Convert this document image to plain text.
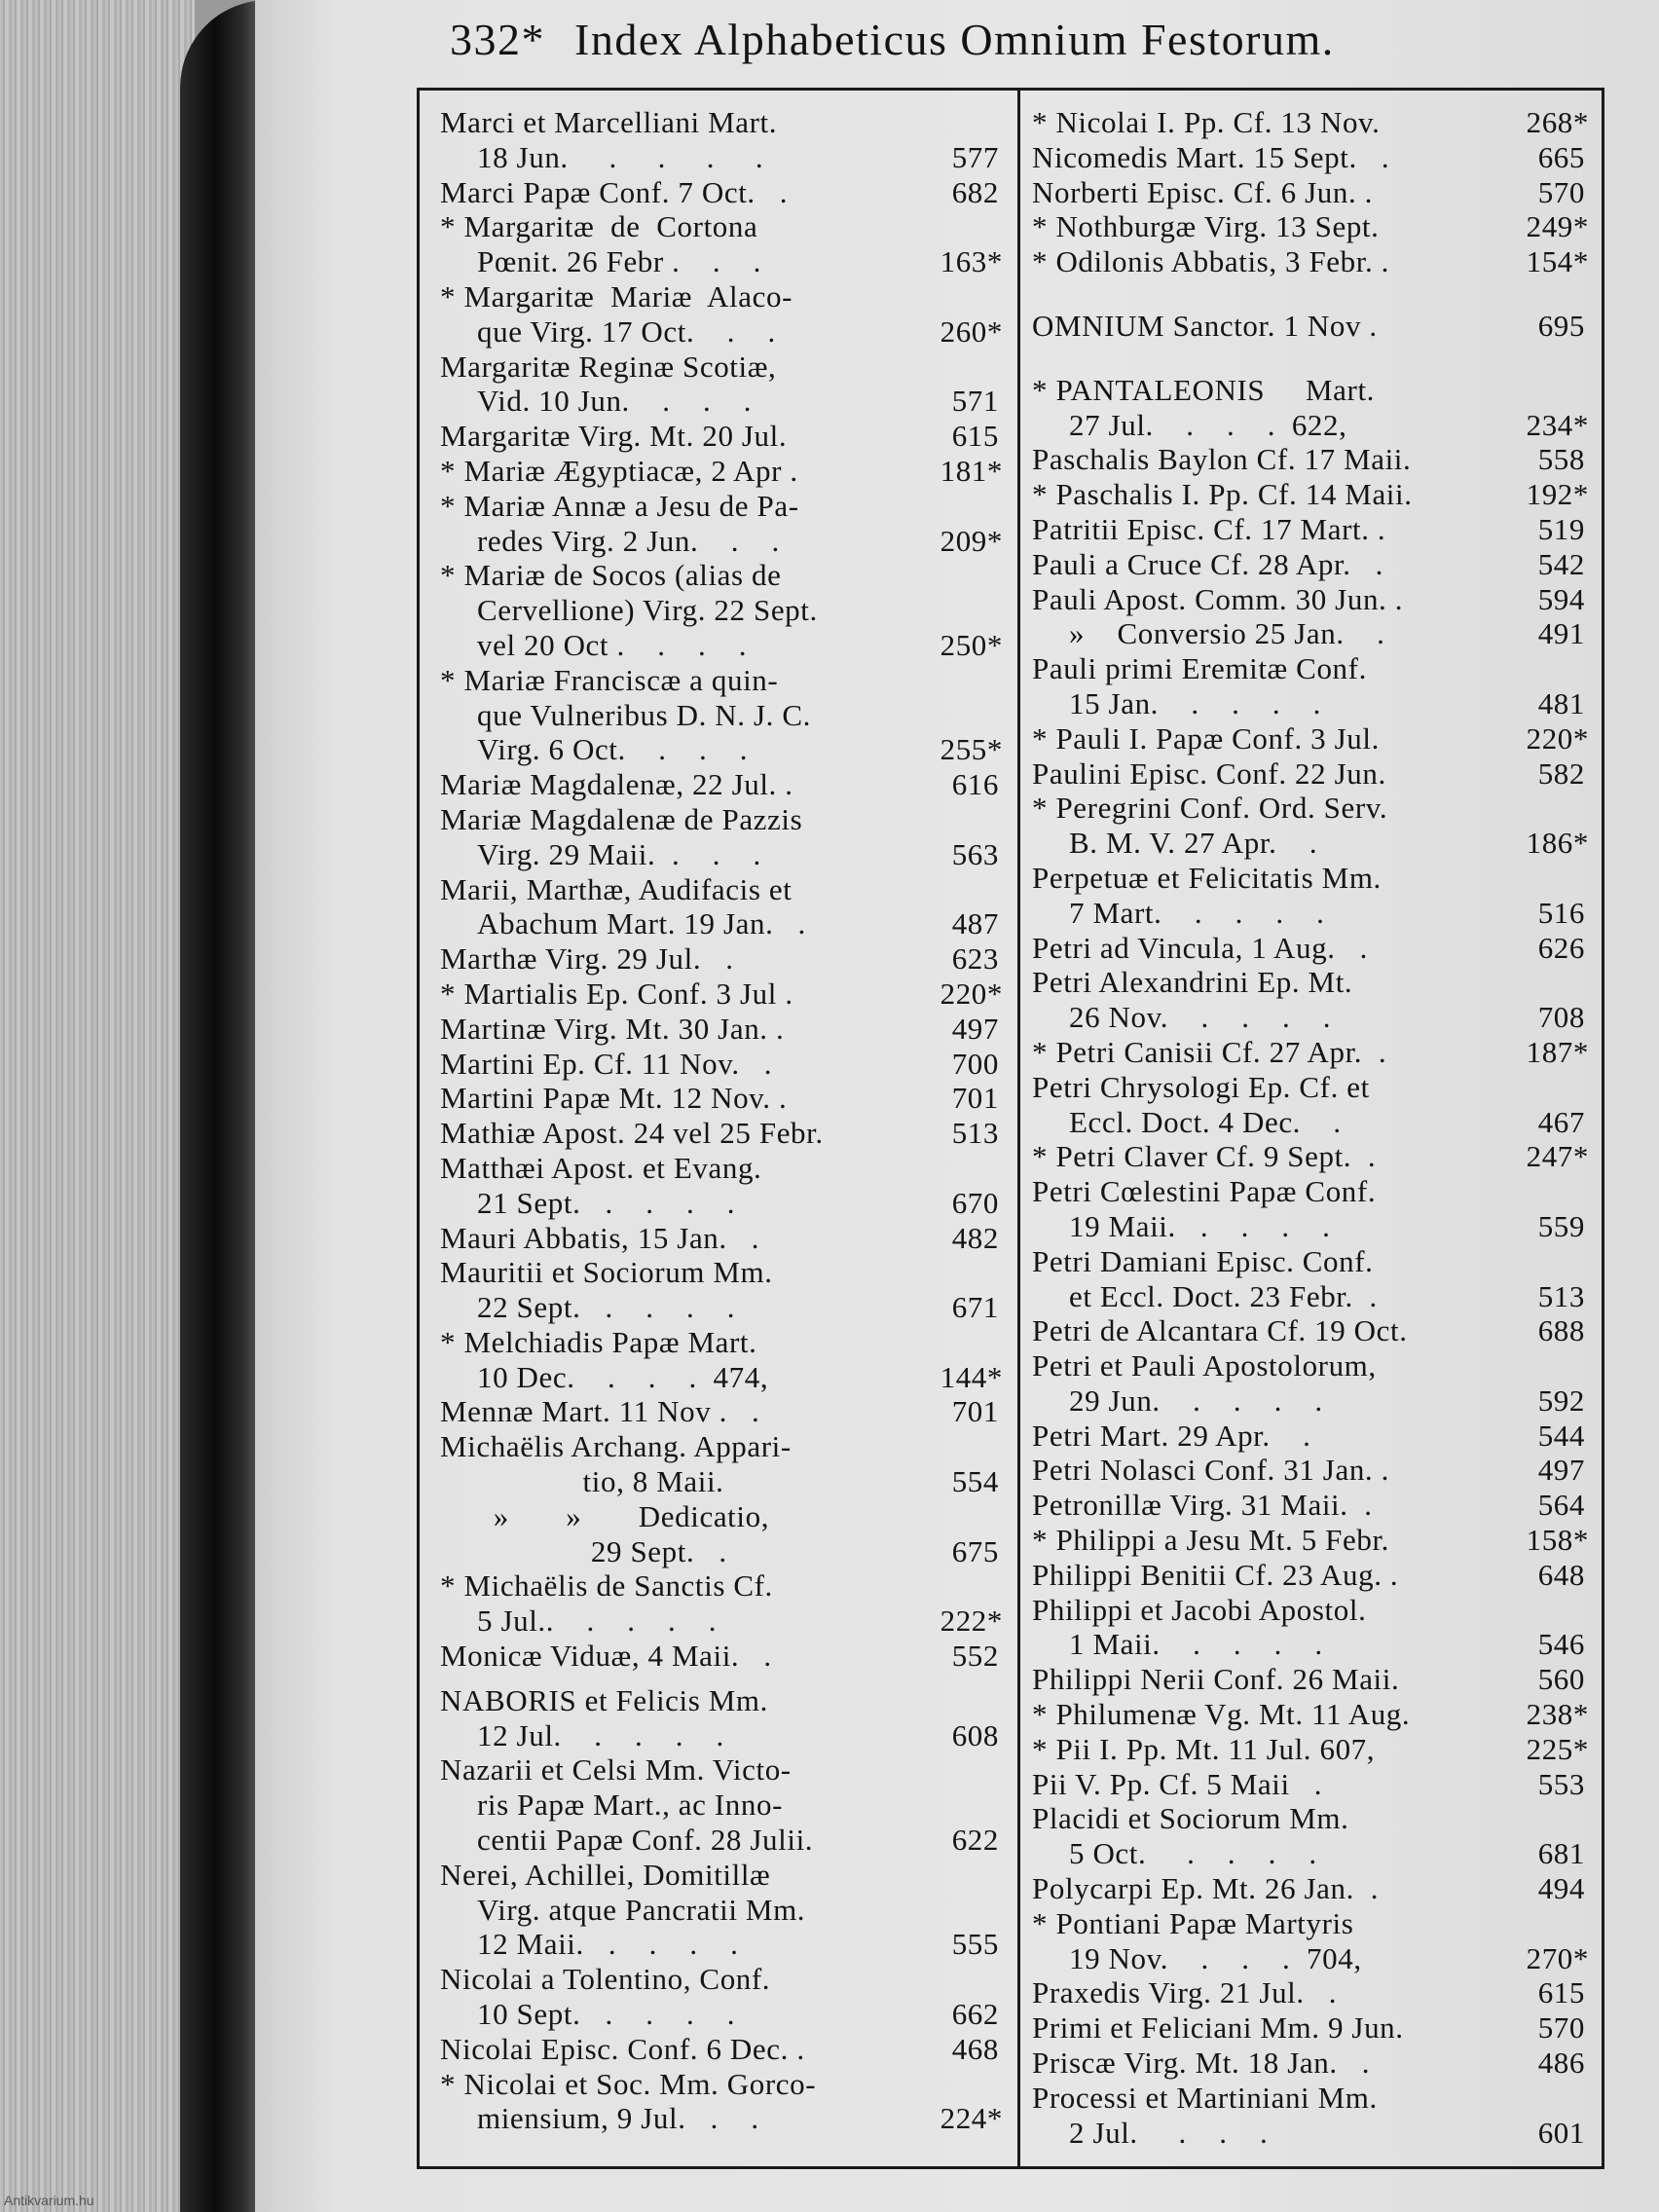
332* Index Alphabeticus Omnium Festorum.
Marci et Marcelliani Mart.
18 Jun.     .     .     .     .	577
Marci Papæ Conf. 7 Oct.   .	682
* Margaritæ  de  Cortona
Pœnit. 26 Febr .    .    .	163*
* Margaritæ  Mariæ  Alaco-
que Virg. 17 Oct.    .    .	260*
Margaritæ Reginæ Scotiæ,
Vid. 10 Jun.    .    .    .	571
Margaritæ Virg. Mt. 20 Jul.	615
* Mariæ Ægyptiacæ, 2 Apr .	181*
* Mariæ Annæ a Jesu de Pa-
redes Virg. 2 Jun.    .    .	209*
* Mariæ de Socos (alias de
Cervellione) Virg. 22 Sept.
vel 20 Oct .    .    .    .	250*
* Mariæ Franciscæ a quin-
que Vulneribus D. N. J. C.
Virg. 6 Oct.    .    .    .	255*
Mariæ Magdalenæ, 22 Jul. .	616
Mariæ Magdalenæ de Pazzis
Virg. 29 Maii.  .    .    .	563
Marii, Marthæ, Audifacis et
Abachum Mart. 19 Jan.   .	487
Marthæ Virg. 29 Jul.   .	623
* Martialis Ep. Conf. 3 Jul .	220*
Martinæ Virg. Mt. 30 Jan. .	497
Martini Ep. Cf. 11 Nov.   .	700
Martini Papæ Mt. 12 Nov. .	701
Mathiæ Apost. 24 vel 25 Febr.	513
Matthæi Apost. et Evang.
21 Sept.   .    .    .    .	670
Mauri Abbatis, 15 Jan.   .	482
Mauritii et Sociorum Mm.
22 Sept.   .    .    .    .	671
* Melchiadis Papæ Mart.
10 Dec.    .    .    .  474,	144*
Mennæ Mart. 11 Nov .   .	701
Michaëlis Archang. Appari-
tio, 8 Maii.	554
»       »       Dedicatio,
29 Sept.   .	675
* Michaëlis de Sanctis Cf.
5 Jul..    .    .    .    .	222*
Monicæ Viduæ, 4 Maii.   .	552
NABORIS et Felicis Mm.
12 Jul.    .    .    .    .	608
Nazarii et Celsi Mm. Victo-
ris Papæ Mart., ac Inno-
centii Papæ Conf. 28 Julii.	622
Nerei, Achillei, Domitillæ
Virg. atque Pancratii Mm.
12 Maii.   .    .    .    .	555
Nicolai a Tolentino, Conf.
10 Sept.   .    .    .    .	662
Nicolai Episc. Conf. 6 Dec. .	468
* Nicolai et Soc. Mm. Gorco-
miensium, 9 Jul.   .    .	224*
* Nicolai I. Pp. Cf. 13 Nov.	268*
Nicomedis Mart. 15 Sept.   .	665
Norberti Episc. Cf. 6 Jun. .	570
* Nothburgæ Virg. 13 Sept.	249*
* Odilonis Abbatis, 3 Febr. .	154*
OMNIUM Sanctor. 1 Nov .	695
* PANTALEONIS     Mart.
27 Jul.    .    .    .  622,	234*
Paschalis Baylon Cf. 17 Maii.	558
* Paschalis I. Pp. Cf. 14 Maii.	192*
Patritii Episc. Cf. 17 Mart. .	519
Pauli a Cruce Cf. 28 Apr.   .	542
Pauli Apost. Comm. 30 Jun. .	594
»    Conversio 25 Jan.    .	491
Pauli primi Eremitæ Conf.
15 Jan.    .    .    .    .	481
* Pauli I. Papæ Conf. 3 Jul.	220*
Paulini Episc. Conf. 22 Jun.	582
* Peregrini Conf. Ord. Serv.
B. M. V. 27 Apr.    .	186*
Perpetuæ et Felicitatis Mm.
7 Mart.    .    .    .    .	516
Petri ad Vincula, 1 Aug.   .	626
Petri Alexandrini Ep. Mt.
26 Nov.    .    .    .    .	708
* Petri Canisii Cf. 27 Apr.  .	187*
Petri Chrysologi Ep. Cf. et
Eccl. Doct. 4 Dec.    .	467
* Petri Claver Cf. 9 Sept.  .	247*
Petri Cœlestini Papæ Conf.
19 Maii.   .    .    .    .	559
Petri Damiani Episc. Conf.
et Eccl. Doct. 23 Febr.  .	513
Petri de Alcantara Cf. 19 Oct.	688
Petri et Pauli Apostolorum,
29 Jun.    .    .    .    .	592
Petri Mart. 29 Apr.    .	544
Petri Nolasci Conf. 31 Jan. .	497
Petronillæ Virg. 31 Maii.  .	564
* Philippi a Jesu Mt. 5 Febr.	158*
Philippi Benitii Cf. 23 Aug. .	648
Philippi et Jacobi Apostol.
1 Maii.    .    .    .    .	546
Philippi Nerii Conf. 26 Maii.	560
* Philumenæ Vg. Mt. 11 Aug.	238*
* Pii I. Pp. Mt. 11 Jul. 607,	225*
Pii V. Pp. Cf. 5 Maii   .	553
Placidi et Sociorum Mm.
5 Oct.     .    .    .    .	681
Polycarpi Ep. Mt. 26 Jan.  .	494
* Pontiani Papæ Martyris
19 Nov.    .    .    .  704,	270*
Praxedis Virg. 21 Jul.   .	615
Primi et Feliciani Mm. 9 Jun.	570
Priscæ Virg. Mt. 18 Jan.   .	486
Processi et Martiniani Mm.
2 Jul.     .    .    .	601
Antikvarium.hu
